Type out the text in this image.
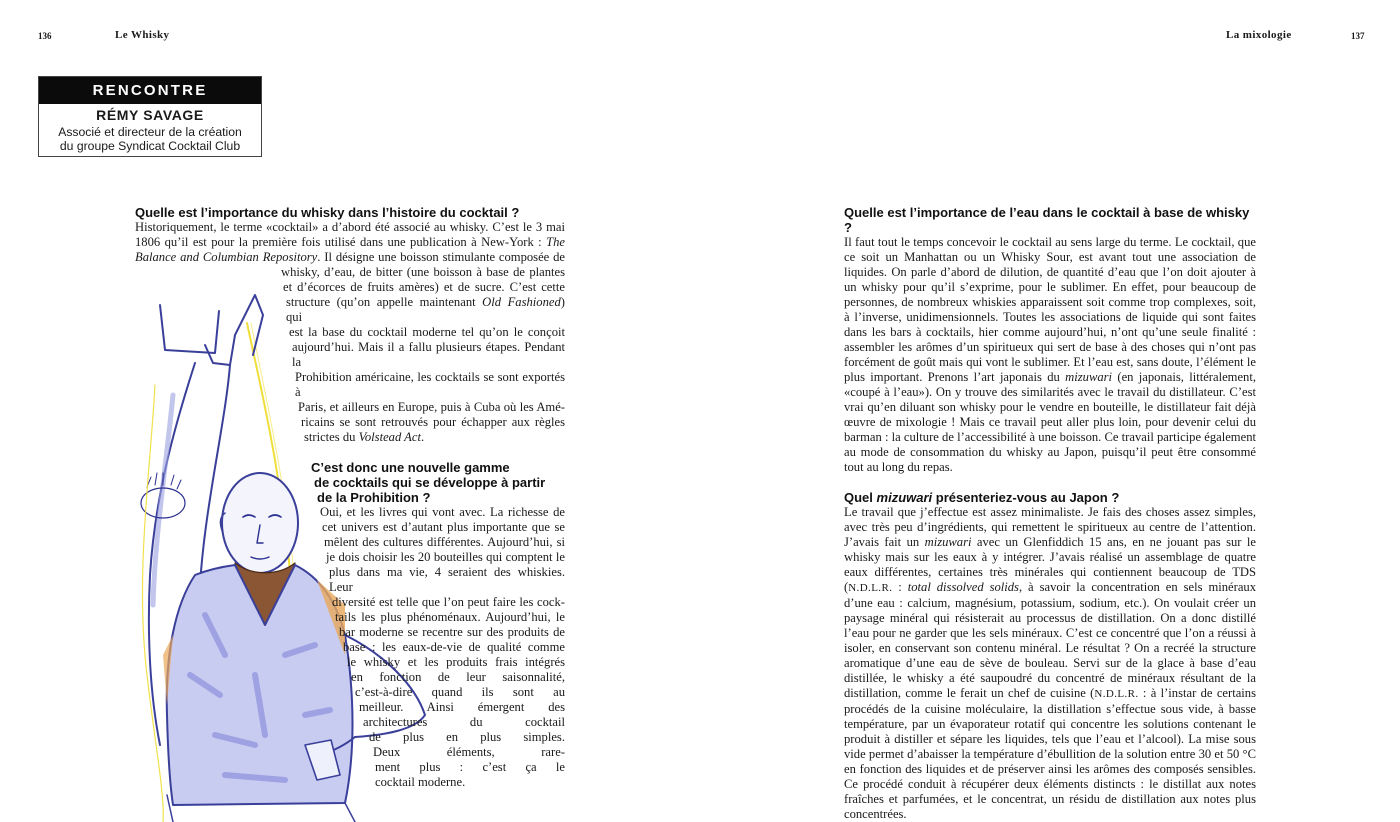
136	Le Whisky
RENCONTRE
RÉMY SAVAGE
Associé et directeur de la création
du groupe Syndicat Cocktail Club
Quelle est l’importance du whisky dans l’histoire du cocktail ?
Historiquement, le terme «cocktail» a d’abord été associé au whisky. C’est le 3 mai
1806 qu’il est pour la première fois utilisé dans une publication à New-York : The
Balance and Columbian Repository. Il désigne une boisson stimulante composée de
whisky, d’eau, de bitter (une boisson à base de plantes
et d’écorces de fruits amères) et de sucre. C’est cette
structure (qu’on appelle maintenant Old Fashioned) qui
est la base du cocktail moderne tel qu’on le conçoit
aujourd’hui. Mais il a fallu plusieurs étapes. Pendant la
Prohibition américaine, les cocktails se sont exportés à
Paris, et ailleurs en Europe, puis à Cuba où les Amé-
ricains se sont retrouvés pour échapper aux règles
strictes du Volstead Act.
C’est donc une nouvelle gamme
de cocktails qui se développe à partir
de la Prohibition ?
Oui, et les livres qui vont avec. La richesse de
cet univers est d’autant plus importante que se
mêlent des cultures différentes. Aujourd’hui, si
je dois choisir les 20 bouteilles qui comptent le
plus dans ma vie, 4 seraient des whiskies. Leur
diversité est telle que l’on peut faire les cock-
tails les plus phénoménaux. Aujourd’hui, le
bar moderne se recentre sur des produits de
base : les eaux-de-vie de qualité comme
le whisky et les produits frais intégrés
en fonction de leur saisonnalité,
c’est-à-dire quand ils sont au
meilleur. Ainsi émergent des
architectures du cocktail
de plus en plus simples.
Deux éléments, rare-
ment plus : c’est ça le
cocktail moderne.
La mixologie	137
Quelle est l’importance de l’eau dans le cocktail à base de whisky ?

Il faut tout le temps concevoir le cocktail au sens large du terme. Le cocktail, que ce soit un Manhattan ou un Whisky Sour, est avant tout une association de liquides. On parle d’abord de dilution, de quantité d’eau que l’on doit ajouter à un whisky pour qu’il s’exprime, pour le sublimer. En effet, pour beaucoup de personnes, de nombreux whiskies apparaissent soit comme trop complexes, soit, à l’inverse, unidimensionnels. Toutes les associations de liquide qui sont faites dans les bars à cocktails, hier comme aujourd’hui, n’ont qu’une seule finalité : assembler les arômes d’un spiritueux qui sert de base à des choses qui n’ont pas forcément de goût mais qui vont le sublimer. Et l’eau est, sans doute, l’élément le plus important. Prenons l’art japonais du mizuwari (en japonais, littéralement, «coupé à l’eau»). On y trouve des similarités avec le travail du distillateur. C’est vrai qu’en diluant son whisky pour le vendre en bouteille, le distillateur fait déjà œuvre de mixologie ! Mais ce travail peut aller plus loin, pour devenir celui du barman : la culture de l’accessibilité à une boisson. Ce travail participe également au mode de consommation du whisky au Japon, puisqu’il peut être consommé tout au long du repas.

Quel mizuwari présenteriez-vous au Japon ?

Le travail que j’effectue est assez minimaliste. Je fais des choses assez simples, avec très peu d’ingrédients, qui remettent le spiritueux au centre de l’attention. J’avais fait un mizuwari avec un Glenfiddich 15 ans, en ne jouant pas sur le whisky mais sur les eaux à y intégrer. J’avais réalisé un assemblage de quatre eaux différentes, certaines très minérales qui contiennent beaucoup de TDS (N.D.L.R. : total dissolved solids, à savoir la concentration en sels minéraux d’une eau : calcium, magnésium, potassium, sodium, etc.). On voulait créer un paysage minéral qui résisterait au processus de distillation. On a donc distillé l’eau pour ne garder que les sels minéraux. C’est ce concentré que l’on a réussi à isoler, en conservant son contenu minéral. Le résultat ? On a recréé la structure aromatique d’une eau de sève de bouleau. Servi sur de la glace à base d’eau distillée, le whisky a été saupoudré du concentré de minéraux résultant de la distillation, comme le ferait un chef de cuisine (N.D.L.R. : à l’instar de certains procédés de la cuisine moléculaire, la distillation s’effectue sous vide, à basse température, par un évaporateur rotatif qui concentre les solutions contenant le produit à distiller et sépare les liquides, tels que l’eau et l’alcool). La mise sous vide permet d’abaisser la température d’ébullition de la solution entre 30 et 50 °C en fonction des liquides et de préserver ainsi les arômes des composés sensibles. Ce procédé conduit à récupérer deux éléments distincts : le distillat aux notes fraîches et parfumées, et le concentrat, un résidu de distillation aux notes plus concentrées.
